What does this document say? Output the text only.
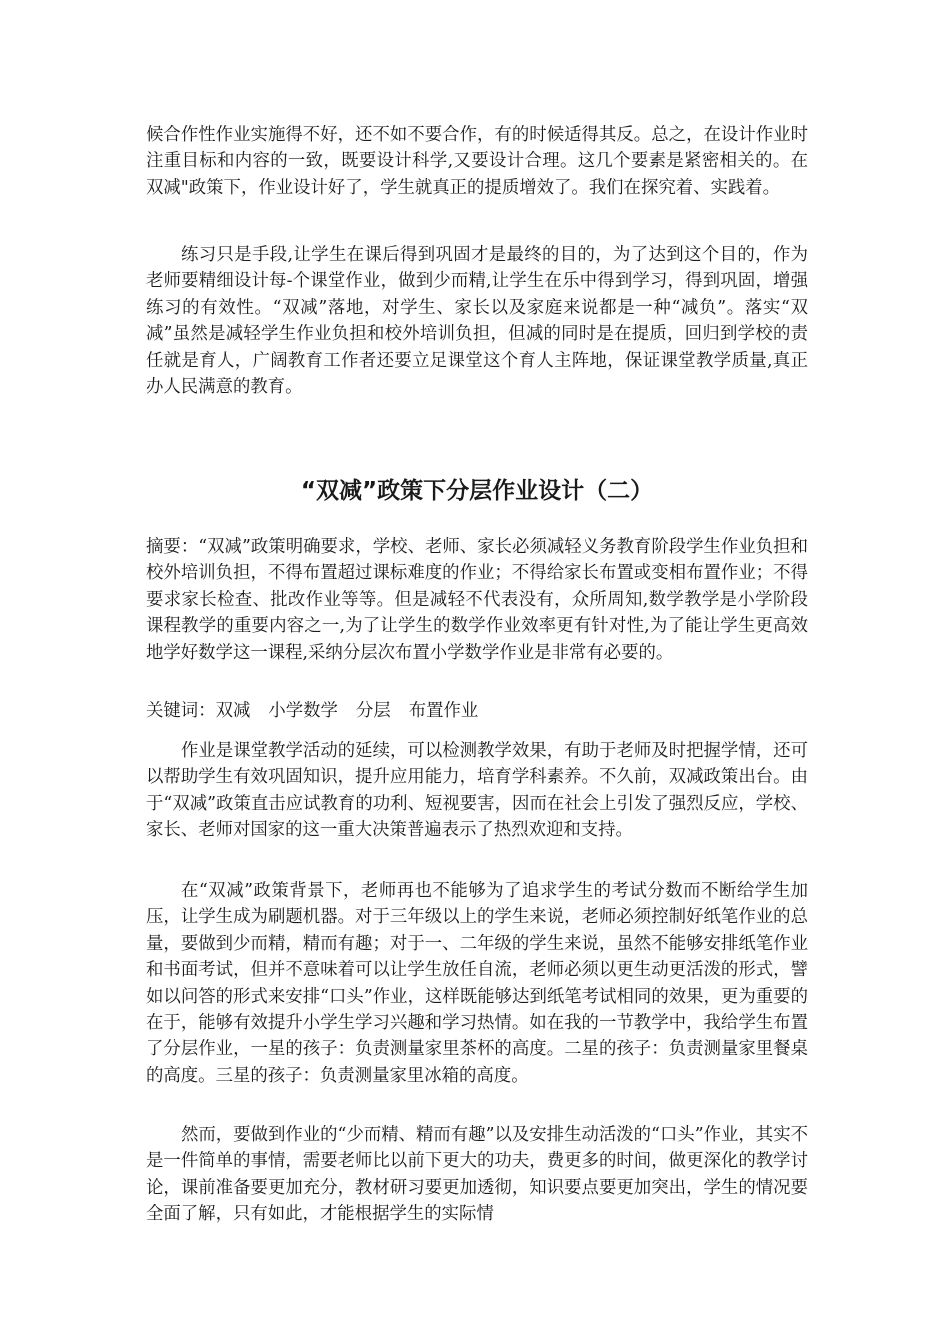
候合作性作业实施得不好，还不如不要合作，有的时候适得其反。总之，在设计作业时注重目标和内容的一致，既要设计科学,又要设计合理。这几个要素是紧密相关的。在双减"政策下，作业设计好了，学生就真正的提质增效了。我们在探究着、实践着。

练习只是手段,让学生在课后得到巩固才是最终的目的，为了达到这个目的，作为老师要精细设计每-个课堂作业，做到少而精,让学生在乐中得到学习，得到巩固，增强练习的有效性。“双减”落地，对学生、家长以及家庭来说都是一种“减负”。落实“双减”虽然是减轻学生作业负担和校外培训负担，但减的同时是在提质，回归到学校的责任就是育人，广阔教育工作者还要立足课堂这个育人主阵地，保证课堂教学质量,真正办人民满意的教育。

“双减”政策下分层作业设计（二）

摘要：“双减”政策明确要求，学校、老师、家长必须减轻义务教育阶段学生作业负担和校外培训负担，不得布置超过课标难度的作业；不得给家长布置或变相布置作业；不得要求家长检查、批改作业等等。但是减轻不代表没有，众所周知,数学教学是小学阶段课程教学的重要内容之一,为了让学生的数学作业效率更有针对性,为了能让学生更高效地学好数学这一课程,采纳分层次布置小学数学作业是非常有必要的。

关键词：双减 小学数学 分层 布置作业

作业是课堂教学活动的延续，可以检测教学效果，有助于老师及时把握学情，还可以帮助学生有效巩固知识，提升应用能力，培育学科素养。不久前，双减政策出台。由于“双减”政策直击应试教育的功利、短视要害，因而在社会上引发了强烈反应，学校、家长、老师对国家的这一重大决策普遍表示了热烈欢迎和支持。

在“双减”政策背景下，老师再也不能够为了追求学生的考试分数而不断给学生加压，让学生成为刷题机器。对于三年级以上的学生来说，老师必须控制好纸笔作业的总量，要做到少而精，精而有趣；对于一、二年级的学生来说，虽然不能够安排纸笔作业和书面考试，但并不意味着可以让学生放任自流，老师必须以更生动更活泼的形式，譬如以问答的形式来安排“口头”作业，这样既能够达到纸笔考试相同的效果，更为重要的在于，能够有效提升小学生学习兴趣和学习热情。如在我的一节教学中，我给学生布置了分层作业，一星的孩子：负责测量家里茶杯的高度。二星的孩子：负责测量家里餐桌的高度。三星的孩子：负责测量家里冰箱的高度。

然而，要做到作业的“少而精、精而有趣”以及安排生动活泼的“口头”作业，其实不是一件简单的事情，需要老师比以前下更大的功夫，费更多的时间，做更深化的教学讨论，课前准备要更加充分，教材研习要更加透彻，知识要点要更加突出，学生的情况要全面了解，只有如此，才能根据学生的实际情
